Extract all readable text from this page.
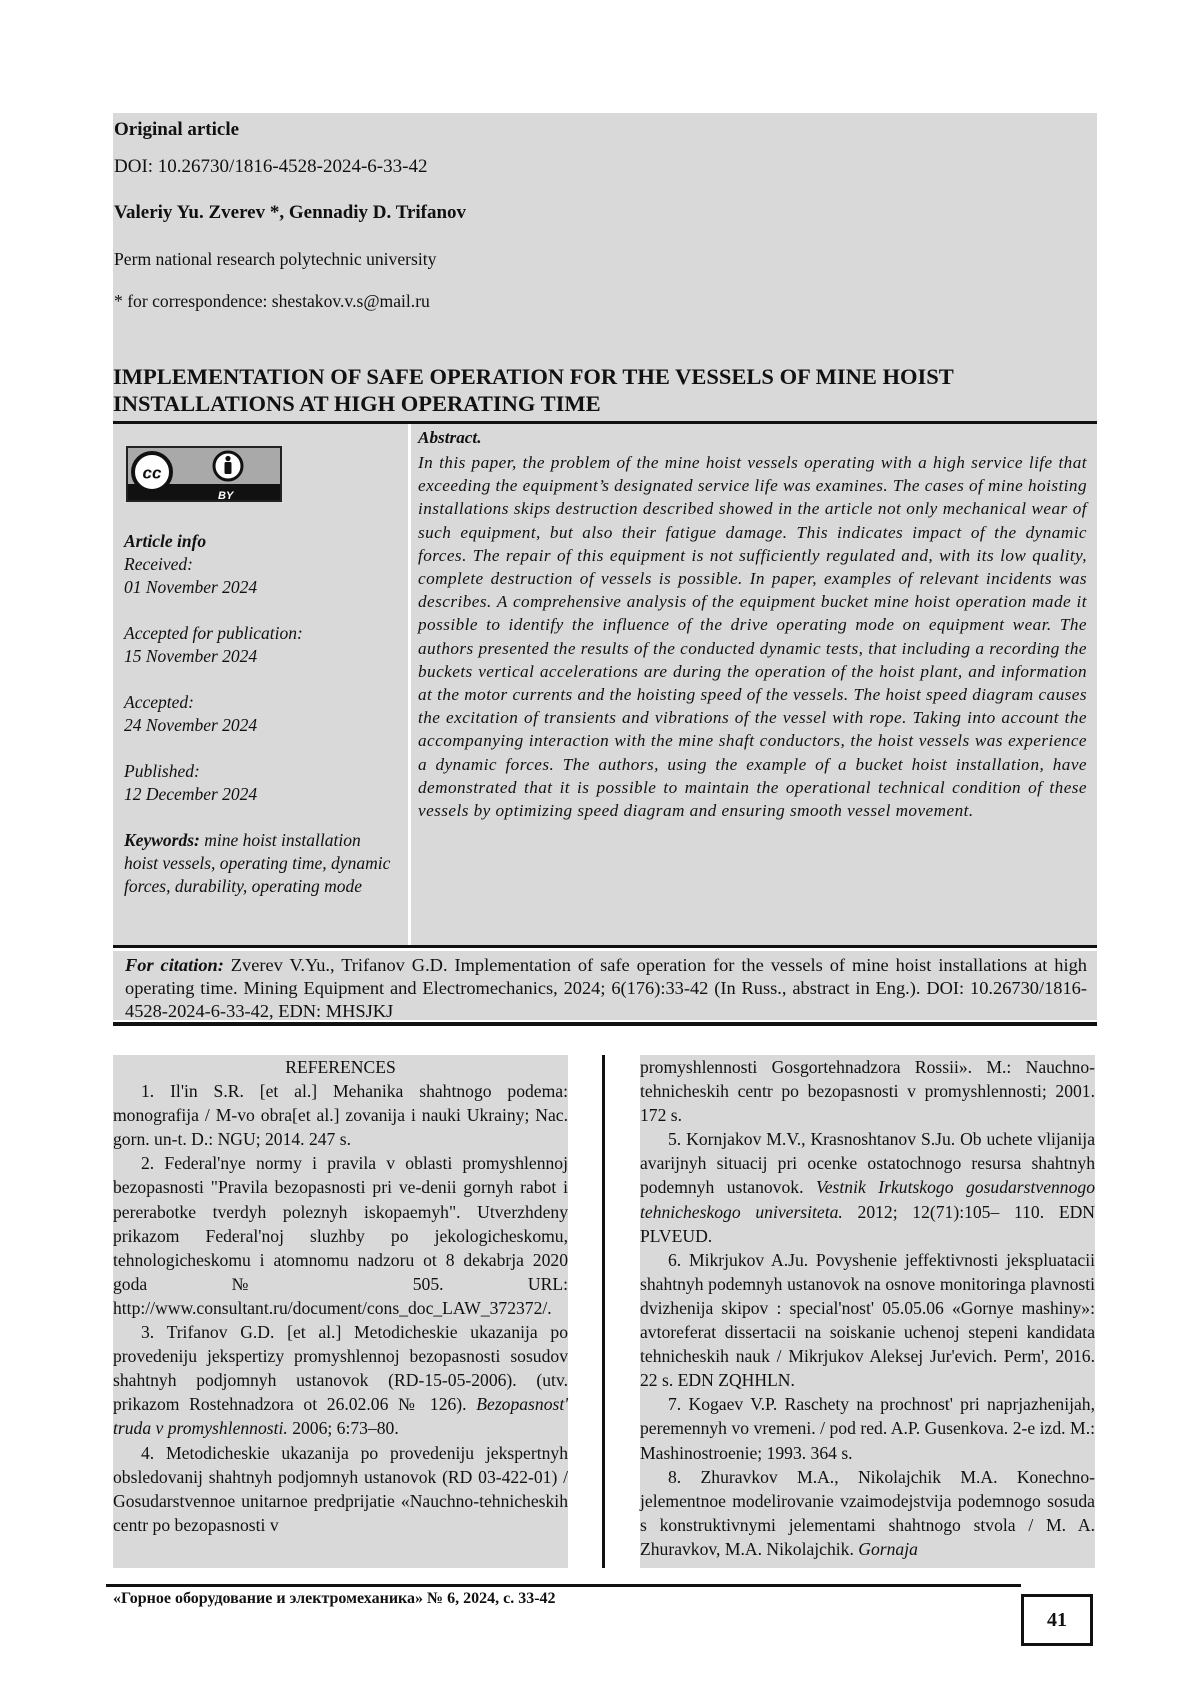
Original article
DOI: 10.26730/1816-4528-2024-6-33-42
Valeriy Yu. Zverev *, Gennadiy D. Trifanov
Perm national research polytechnic university
* for correspondence: shestakov.v.s@mail.ru
IMPLEMENTATION OF SAFE OPERATION FOR THE VESSELS OF MINE HOIST INSTALLATIONS AT HIGH OPERATING TIME
cc
BY
Article info
Received:
01 November 2024
Accepted for publication:
15 November 2024
Accepted:
24 November 2024
Published:
12 December 2024
Keywords: mine hoist installation hoist vessels, operating time, dynamic forces, durability, operating mode
Abstract.
In this paper, the problem of the mine hoist vessels operating with a high service life that exceeding the equipment’s designated service life was examines. The cases of mine hoisting installations skips destruction described showed in the article not only mechanical wear of such equipment, but also their fatigue damage. This indicates impact of the dynamic forces. The repair of this equipment is not sufficiently regulated and, with its low quality, complete destruction of vessels is possible. In paper, examples of relevant incidents was describes. A comprehensive analysis of the equipment bucket mine hoist operation made it possible to identify the influence of the drive operating mode on equipment wear. The authors presented the results of the conducted dynamic tests, that including a recording the buckets vertical accelerations are during the operation of the hoist plant, and information at the motor currents and the hoisting speed of the vessels. The hoist speed diagram causes the excitation of transients and vibrations of the vessel with rope. Taking into account the accompanying interaction with the mine shaft conductors, the hoist vessels was experience a dynamic forces. The authors, using the example of a bucket hoist installation, have demonstrated that it is possible to maintain the operational technical condition of these vessels by optimizing speed diagram and ensuring smooth vessel movement.
For citation: Zverev V.Yu., Trifanov G.D. Implementation of safe operation for the vessels of mine hoist installations at high operating time. Mining Equipment and Electromechanics, 2024; 6(176):33-42 (In Russ., abstract in Eng.). DOI: 10.26730/1816-4528-2024-6-33-42, EDN: MHSJKJ

REFERENCES

1. Il'in S.R. [et al.] Mehanika shahtnogo podema: monografija / M-vo obra[et al.] zovanija i nauki Ukrainy; Nac. gorn. un-t. D.: NGU; 2014. 247 s.

2. Federal'nye normy i pravila v oblasti promyshlennoj bezopasnosti "Pravila bezopasnosti pri ve-denii gornyh rabot i pererabotke tverdyh poleznyh iskopaemyh". Utverzhdeny prikazom Federal'noj sluzhby po jekologicheskomu, tehnologicheskomu i atomnomu nadzoru ot 8 dekabrja 2020 goda № 505. URL: http://www.consultant.ru/document/cons_doc_LAW_372372/.

3. Trifanov G.D. [et al.] Metodicheskie ukazanija po provedeniju jekspertizy promyshlennoj bezopasnosti sosudov shahtnyh podjomnyh ustanovok (RD-15-05-2006). (utv. prikazom Rostehnadzora ot 26.02.06 № 126). Bezopasnost' truda v promyshlennosti. 2006; 6:73–80.

4. Metodicheskie ukazanija po provedeniju jekspertnyh obsledovanij shahtnyh podjomnyh ustanovok (RD 03-422-01) / Gosudarstvennoe unitarnoe predprijatie «Nauchno-tehnicheskih centr po bezopasnosti v

promyshlennosti Gosgortehnadzora Rossii». M.: Nauchno-tehnicheskih centr po bezopasnosti v promyshlennosti; 2001. 172 s.

5. Kornjakov M.V., Krasnoshtanov S.Ju. Ob uchete vlijanija avarijnyh situacij pri ocenke ostatochnogo resursa shahtnyh podemnyh ustanovok. Vestnik Irkutskogo gosudarstvennogo tehnicheskogo universiteta. 2012; 12(71):105– 110. EDN PLVEUD.

6. Mikrjukov A.Ju. Povyshenie jeffektivnosti jekspluatacii shahtnyh podemnyh ustanovok na osnove monitoringa plavnosti dvizhenija skipov : special'nost' 05.05.06 «Gornye mashiny»: avtoreferat dissertacii na soiskanie uchenoj stepeni kandidata tehnicheskih nauk / Mikrjukov Aleksej Jur'evich. Perm', 2016. 22 s. EDN ZQHHLN.

7. Kogaev V.P. Raschety na prochnost' pri naprjazhenijah, peremennyh vo vremeni. / pod red. A.P. Gusenkova. 2-e izd. M.: Mashinostroenie; 1993. 364 s.

8. Zhuravkov M.A., Nikolajchik M.A. Konechno-jelementnoe modelirovanie vzaimodejstvija podemnogo sosuda s konstruktivnymi jelementami shahtnogo stvola / M. A. Zhuravkov, M.A. Nikolajchik. Gornaja

«Горное оборудование и электромеханика» № 6, 2024, с. 33-42
41
